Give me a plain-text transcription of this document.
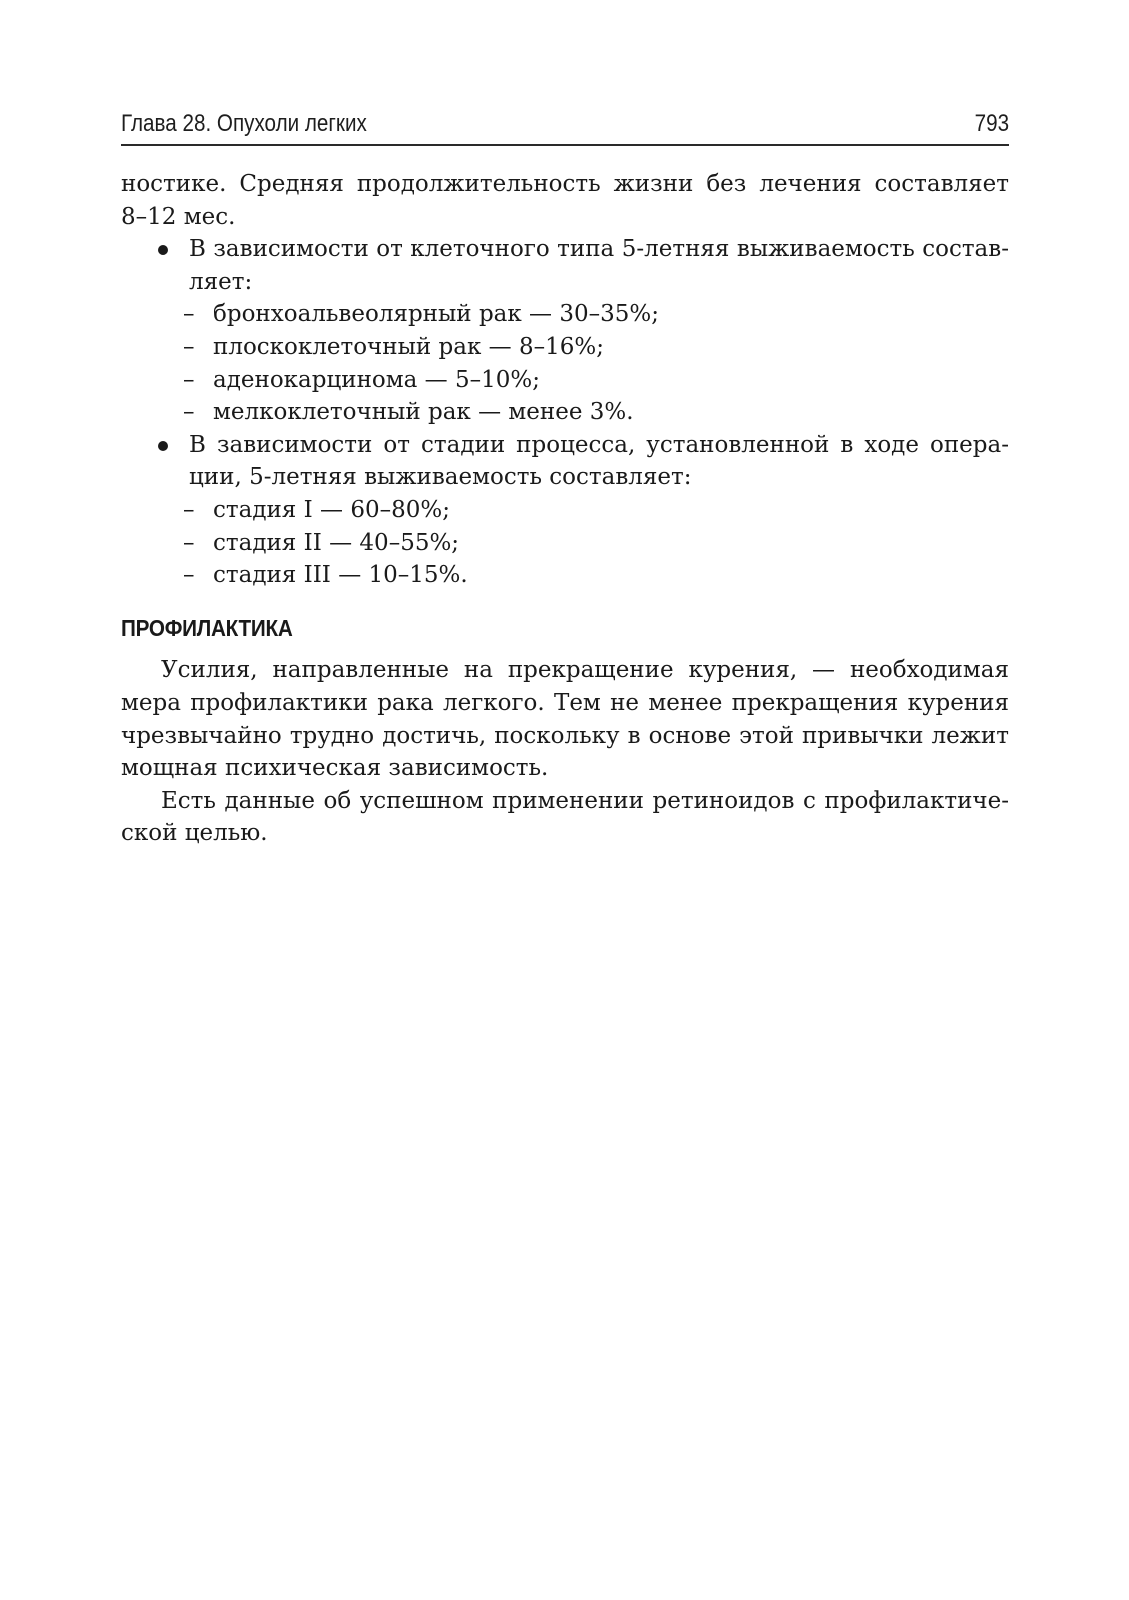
Глава 28. Опухоли легких	793
ностике. Средняя продолжительность жизни без лечения составляет
8–12 мес.
В зависимости от клеточного типа 5-летняя выживаемость состав-
ляет:
– бронхоальвеолярный рак — 30–35%;
– плоскоклеточный рак — 8–16%;
– аденокарцинома — 5–10%;
– мелкоклеточный рак — менее 3%.
В зависимости от стадии процесса, установленной в ходе опера-
ции, 5-летняя выживаемость составляет:
– стадия I — 60–80%;
– стадия II — 40–55%;
– стадия III — 10–15%.
ПРОФИЛАКТИКА
Усилия, направленные на прекращение курения, — необходимая
мера профилактики рака легкого. Тем не менее прекращения курения
чрезвычайно трудно достичь, поскольку в основе этой привычки лежит
мощная психическая зависимость.
Есть данные об успешном применении ретиноидов с профилактиче-
ской целью.
